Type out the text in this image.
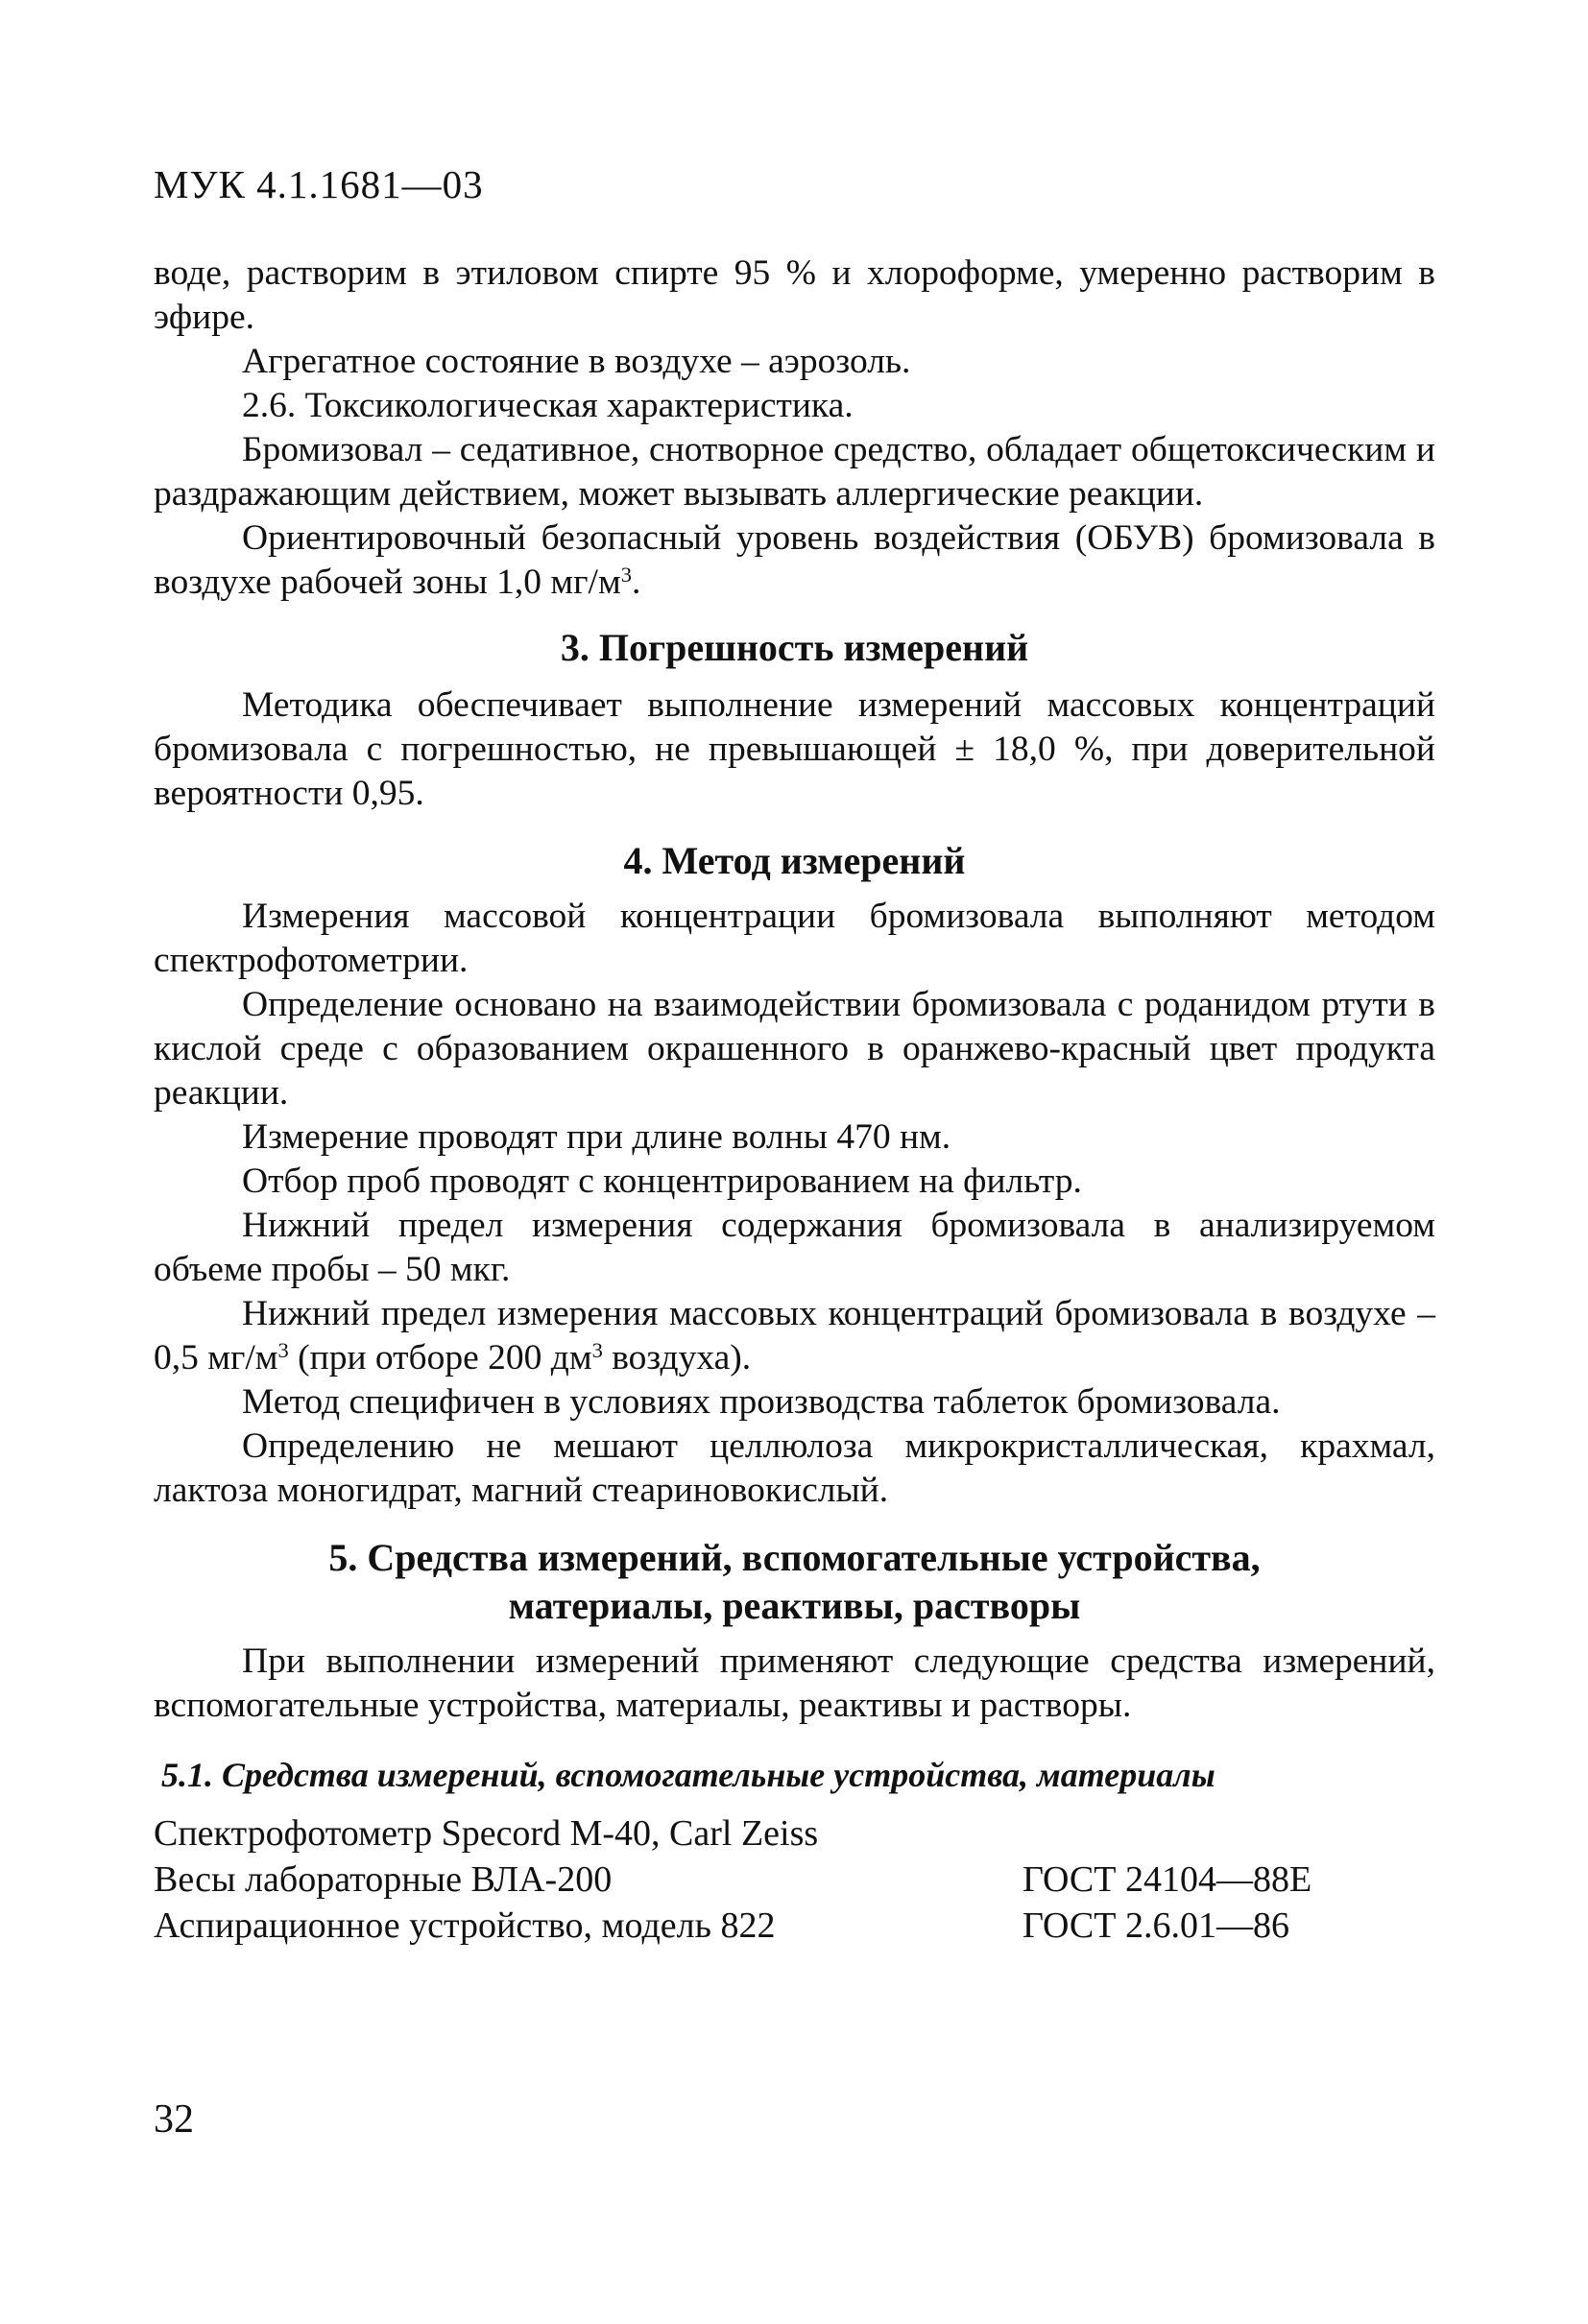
МУК 4.1.1681—03

воде, растворим в этиловом спирте 95 % и хлороформе, умеренно растворим в эфире.

Агрегатное состояние в воздухе – аэрозоль.

2.6. Токсикологическая характеристика.

Бромизовал – седативное, снотворное средство, обладает общетоксическим и раздражающим действием, может вызывать аллергические реакции.

Ориентировочный безопасный уровень воздействия (ОБУВ) бромизовала в воздухе рабочей зоны 1,0 $мг/м^3$.

3. Погрешность измерений

Методика обеспечивает выполнение измерений массовых концентраций бромизовала с погрешностью, не превышающей ± 18,0 %, при доверительной вероятности 0,95.

4. Метод измерений

Измерения массовой концентрации бромизовала выполняют методом спектрофотометрии.

Определение основано на взаимодействии бромизовала с роданидом ртути в кислой среде с образованием окрашенного в оранжево-красный цвет продукта реакции.

Измерение проводят при длине волны 470 нм.

Отбор проб проводят с концентрированием на фильтр.

Нижний предел измерения содержания бромизовала в анализируемом объеме пробы – 50 мкг.

Нижний предел измерения массовых концентраций бромизовала в воздухе – 0,5 $мг/м^3$ (при отборе 200 $дм^3$ воздуха).

Метод специфичен в условиях производства таблеток бромизовала.

Определению не мешают целлюлоза микрокристаллическая, крахмал, лактоза моногидрат, магний стеариновокислый.

5. Средства измерений, вспомогательные устройства,
материалы, реактивы, растворы

При выполнении измерений применяют следующие средства измерений, вспомогательные устройства, материалы, реактивы и растворы.

5.1. Средства измерений, вспомогательные устройства, материалы
Спектрофотометр Specord M-40, Carl Zeiss
Весы лабораторные ВЛА-200	ГОСТ 24104—88Е
Аспирационное устройство, модель 822	ГОСТ 2.6.01—86
32
